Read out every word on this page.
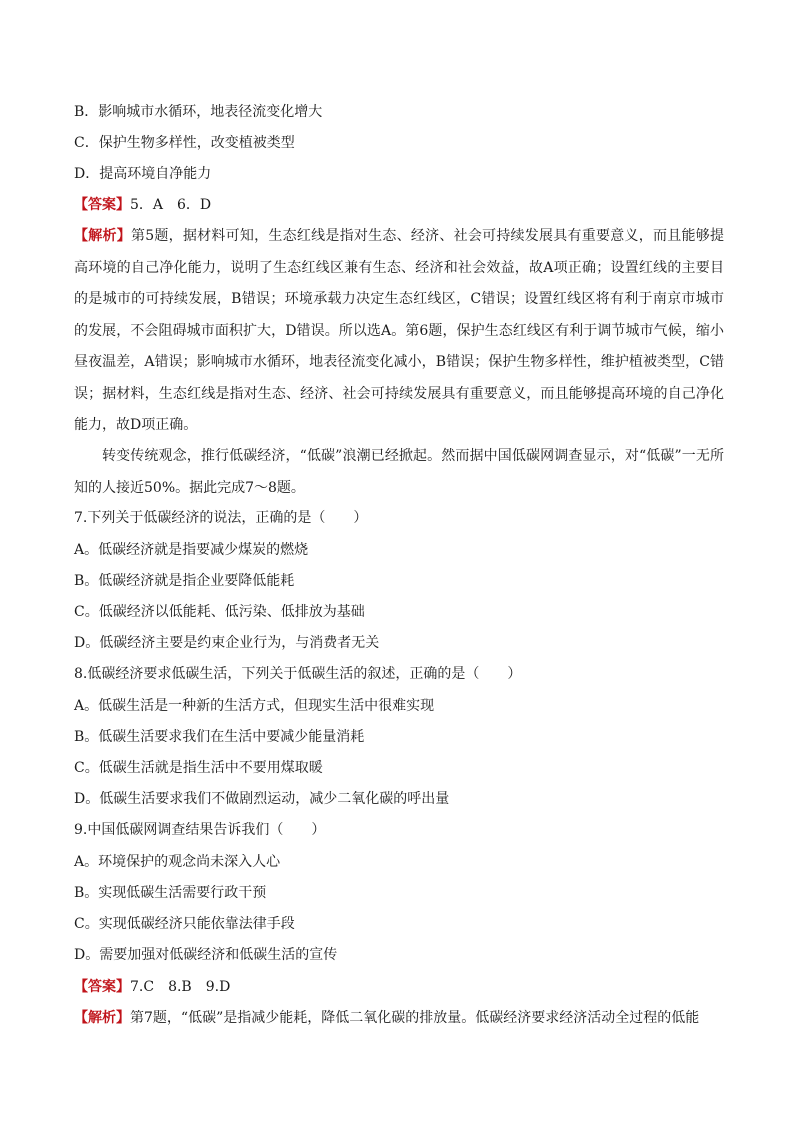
B．影响城市水循环，地表径流变化增大
C．保护生物多样性，改变植被类型
D．提高环境自净能力
【答案】5．A　6．D
【解析】第5题，据材料可知，生态红线是指对生态、经济、社会可持续发展具有重要意义，而且能够提高环境的自己净化能力，说明了生态红线区兼有生态、经济和社会效益，故A项正确；设置红线的主要目的是城市的可持续发展，B错误；环境承载力决定生态红线区，C错误；设置红线区将有利于南京市城市的发展，不会阻碍城市面积扩大，D错误。所以选A。第6题，保护生态红线区有利于调节城市气候，缩小昼夜温差，A错误；影响城市水循环，地表径流变化减小，B错误；保护生物多样性，维护植被类型，C错误；据材料，生态红线是指对生态、经济、社会可持续发展具有重要意义，而且能够提高环境的自己净化能力，故D项正确。
转变传统观念，推行低碳经济，“低碳”浪潮已经掀起。然而据中国低碳网调查显示，对“低碳”一无所知的人接近50%。据此完成7～8题。
7.下列关于低碳经济的说法，正确的是（　　）
A。低碳经济就是指要减少煤炭的燃烧
B。低碳经济就是指企业要降低能耗
C。低碳经济以低能耗、低污染、低排放为基础
D。低碳经济主要是约束企业行为，与消费者无关
8.低碳经济要求低碳生活，下列关于低碳生活的叙述，正确的是（　　）
A。低碳生活是一种新的生活方式，但现实生活中很难实现
B。低碳生活要求我们在生活中要减少能量消耗
C。低碳生活就是指生活中不要用煤取暖
D。低碳生活要求我们不做剧烈运动，减少二氧化碳的呼出量
9.中国低碳网调查结果告诉我们（　　）
A。环境保护的观念尚未深入人心
B。实现低碳生活需要行政干预
C。实现低碳经济只能依靠法律手段
D。需要加强对低碳经济和低碳生活的宣传
【答案】7.C　8.B　9.D
【解析】第7题，“低碳”是指减少能耗，降低二氧化碳的排放量。低碳经济要求经济活动全过程的低能
